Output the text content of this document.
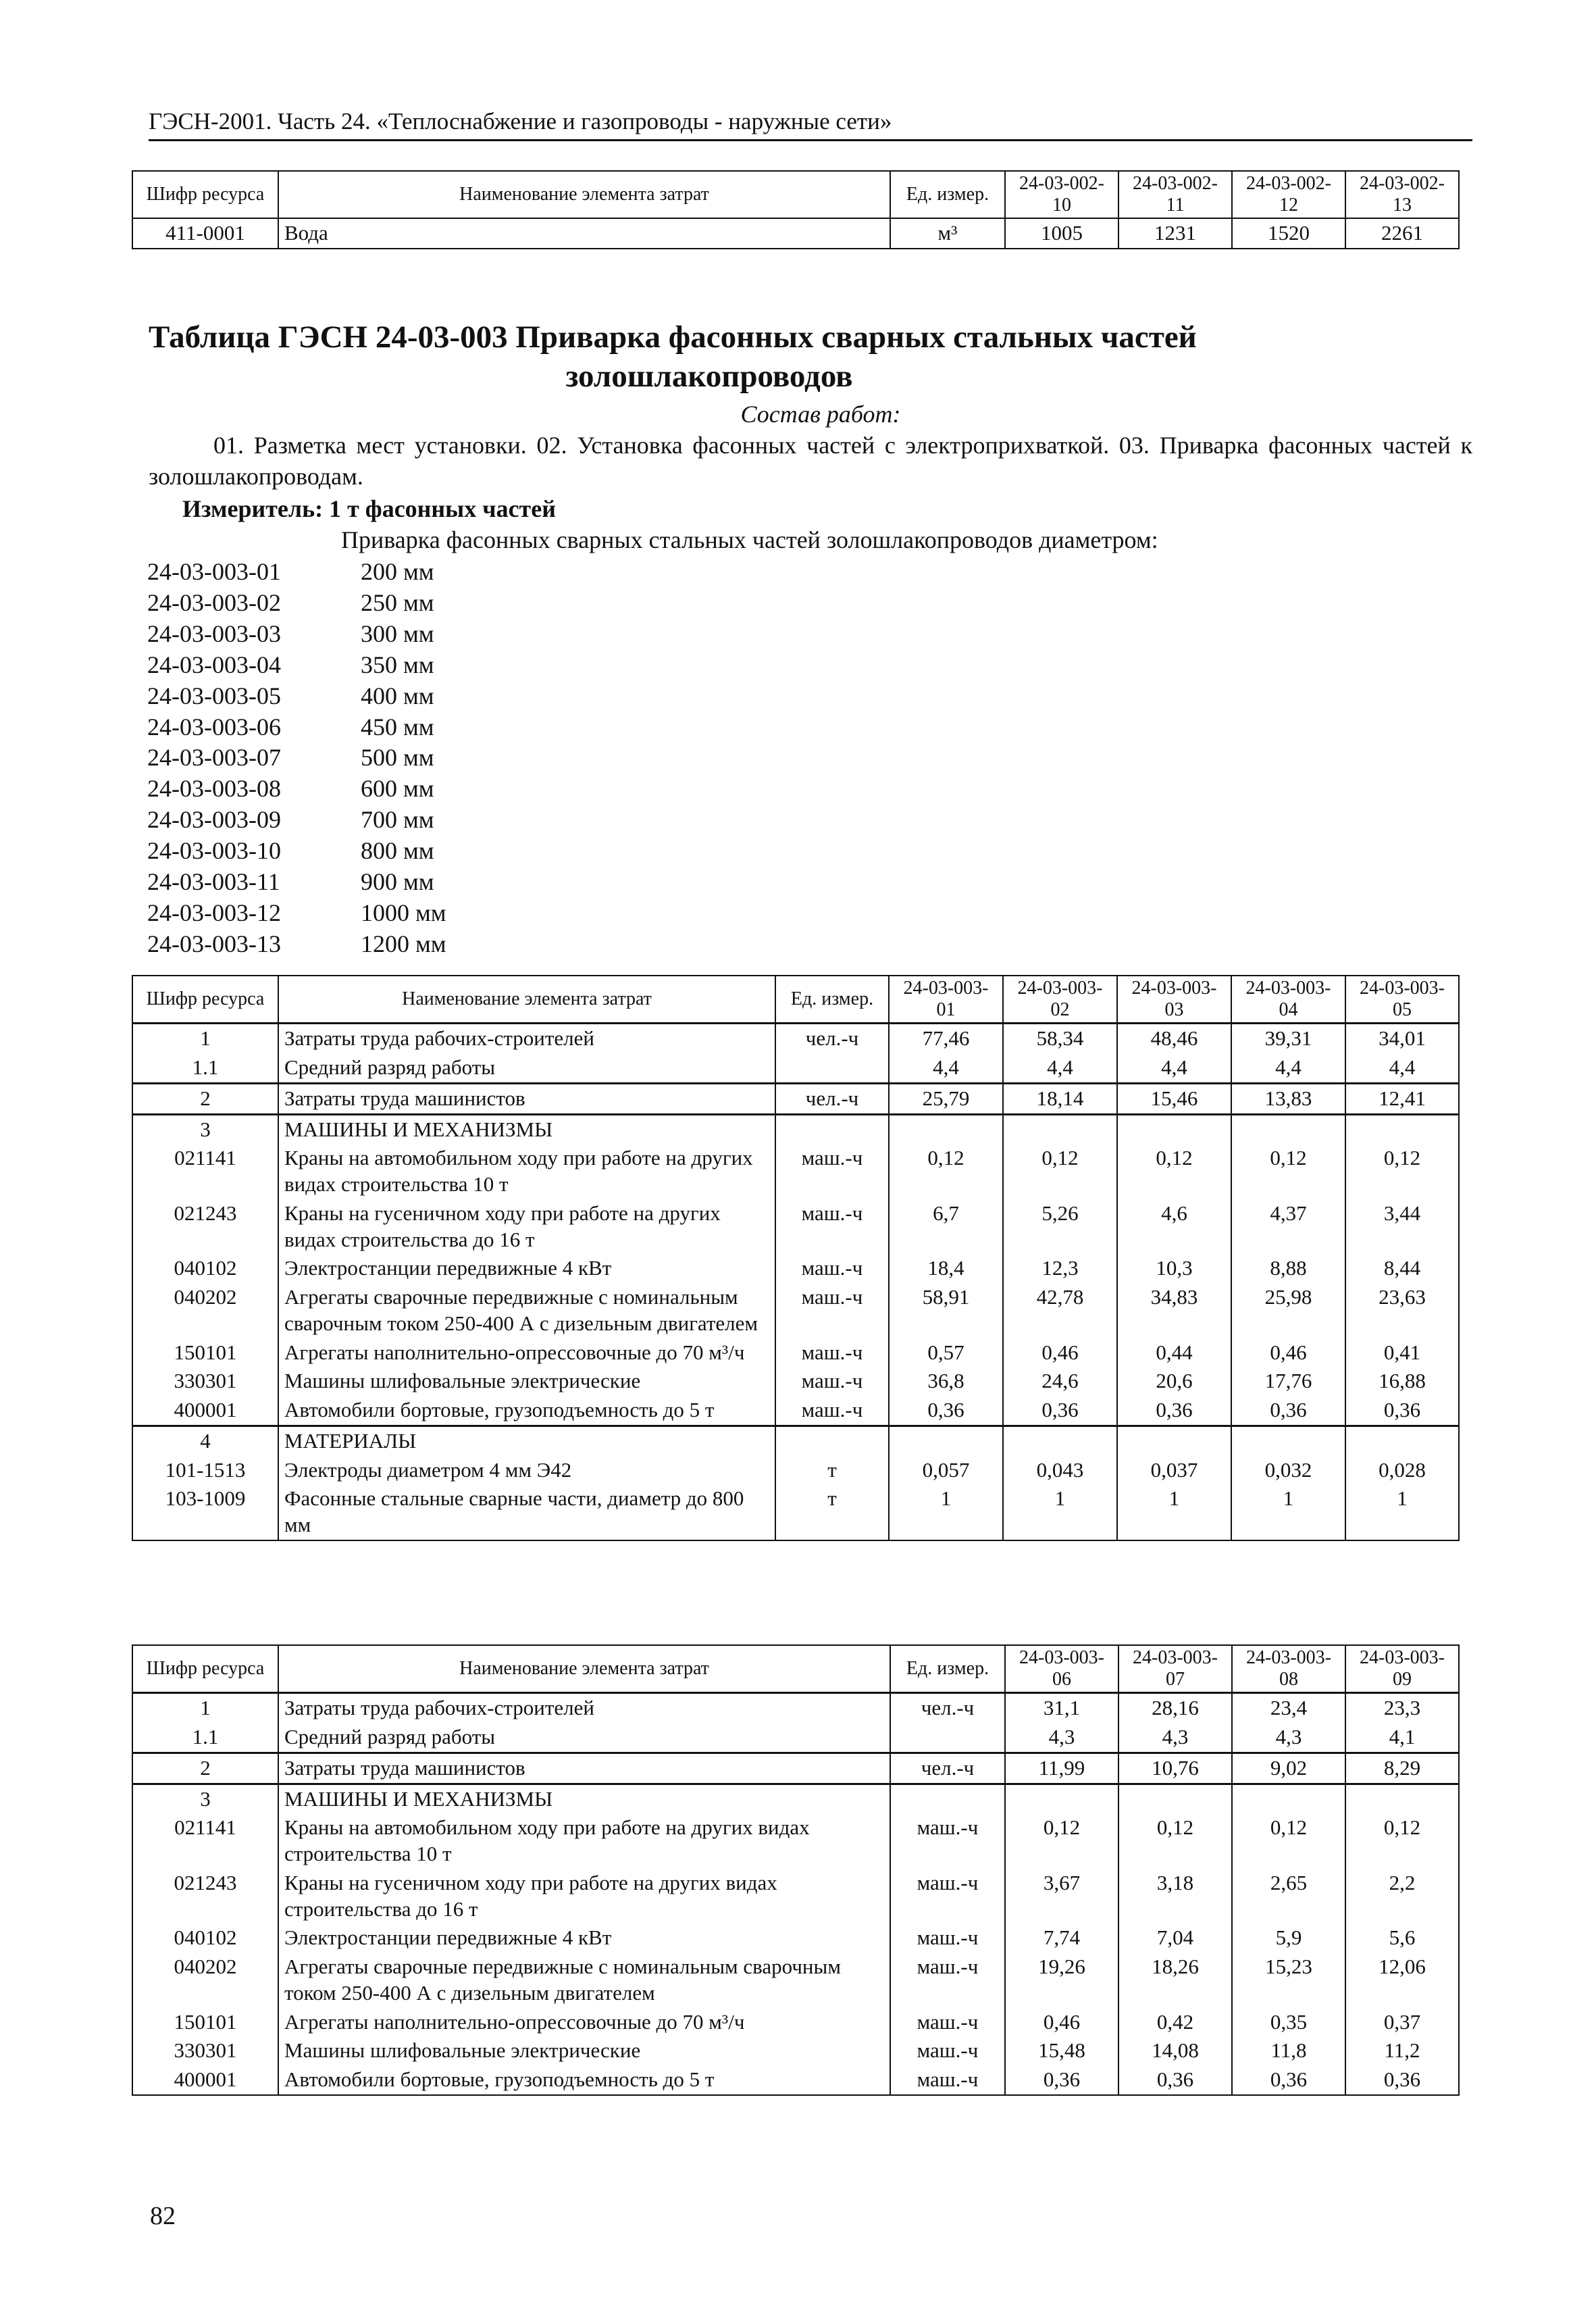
ГЭСН-2001. Часть 24. «Теплоснабжение и газопроводы - наружные сети»
Шифр ресурса	Наименование элемента затрат	Ед. измер.	24-03-002-10	24-03-002-11	24-03-002-12	24-03-002-13
411-0001	Вода	м³	1005	1231	1520	2261
Таблица ГЭСН 24-03-003 Приварка фасонных сварных стальных частей
золошлакопроводов
Состав работ:
01. Разметка мест установки. 02. Установка фасонных частей с электроприхваткой. 03. Приварка фасонных частей к золошлакопроводам.
Измеритель: 1 т фасонных частей
Приварка фасонных сварных стальных частей золошлакопроводов диаметром:
24-03-003-01	200 мм
24-03-003-02	250 мм
24-03-003-03	300 мм
24-03-003-04	350 мм
24-03-003-05	400 мм
24-03-003-06	450 мм
24-03-003-07	500 мм
24-03-003-08	600 мм
24-03-003-09	700 мм
24-03-003-10	800 мм
24-03-003-11	900 мм
24-03-003-12	1000 мм
24-03-003-13	1200 мм
Шифр ресурса	Наименование элемента затрат	Ед. измер.	24-03-003-01	24-03-003-02	24-03-003-03	24-03-003-04	24-03-003-05
1	Затраты труда рабочих-строителей	чел.-ч	77,46	58,34	48,46	39,31	34,01
1.1	Средний разряд работы		4,4	4,4	4,4	4,4	4,4
2	Затраты труда машинистов	чел.-ч	25,79	18,14	15,46	13,83	12,41
3	МАШИНЫ И МЕХАНИЗМЫ						
021141	Краны на автомобильном ходу при работе на других видах строительства 10 т	маш.-ч	0,12	0,12	0,12	0,12	0,12
021243	Краны на гусеничном ходу при работе на других видах строительства до 16 т	маш.-ч	6,7	5,26	4,6	4,37	3,44
040102	Электростанции передвижные 4 кВт	маш.-ч	18,4	12,3	10,3	8,88	8,44
040202	Агрегаты сварочные передвижные с номинальным сварочным током 250-400 А с дизельным двигателем	маш.-ч	58,91	42,78	34,83	25,98	23,63
150101	Агрегаты наполнительно-опрессовочные до 70 м³/ч	маш.-ч	0,57	0,46	0,44	0,46	0,41
330301	Машины шлифовальные электрические	маш.-ч	36,8	24,6	20,6	17,76	16,88
400001	Автомобили бортовые, грузоподъемность до 5 т	маш.-ч	0,36	0,36	0,36	0,36	0,36
4	МАТЕРИАЛЫ						
101-1513	Электроды диаметром 4 мм Э42	т	0,057	0,043	0,037	0,032	0,028
103-1009	Фасонные стальные сварные части, диаметр до 800 мм	т	1	1	1	1	1
Шифр ресурса	Наименование элемента затрат	Ед. измер.	24-03-003-06	24-03-003-07	24-03-003-08	24-03-003-09
1	Затраты труда рабочих-строителей	чел.-ч	31,1	28,16	23,4	23,3
1.1	Средний разряд работы		4,3	4,3	4,3	4,1
2	Затраты труда машинистов	чел.-ч	11,99	10,76	9,02	8,29
3	МАШИНЫ И МЕХАНИЗМЫ					
021141	Краны на автомобильном ходу при работе на других видах строительства 10 т	маш.-ч	0,12	0,12	0,12	0,12
021243	Краны на гусеничном ходу при работе на других видах строительства до 16 т	маш.-ч	3,67	3,18	2,65	2,2
040102	Электростанции передвижные 4 кВт	маш.-ч	7,74	7,04	5,9	5,6
040202	Агрегаты сварочные передвижные с номинальным сварочным током 250-400 А с дизельным двигателем	маш.-ч	19,26	18,26	15,23	12,06
150101	Агрегаты наполнительно-опрессовочные до 70 м³/ч	маш.-ч	0,46	0,42	0,35	0,37
330301	Машины шлифовальные электрические	маш.-ч	15,48	14,08	11,8	11,2
400001	Автомобили бортовые, грузоподъемность до 5 т	маш.-ч	0,36	0,36	0,36	0,36
82
